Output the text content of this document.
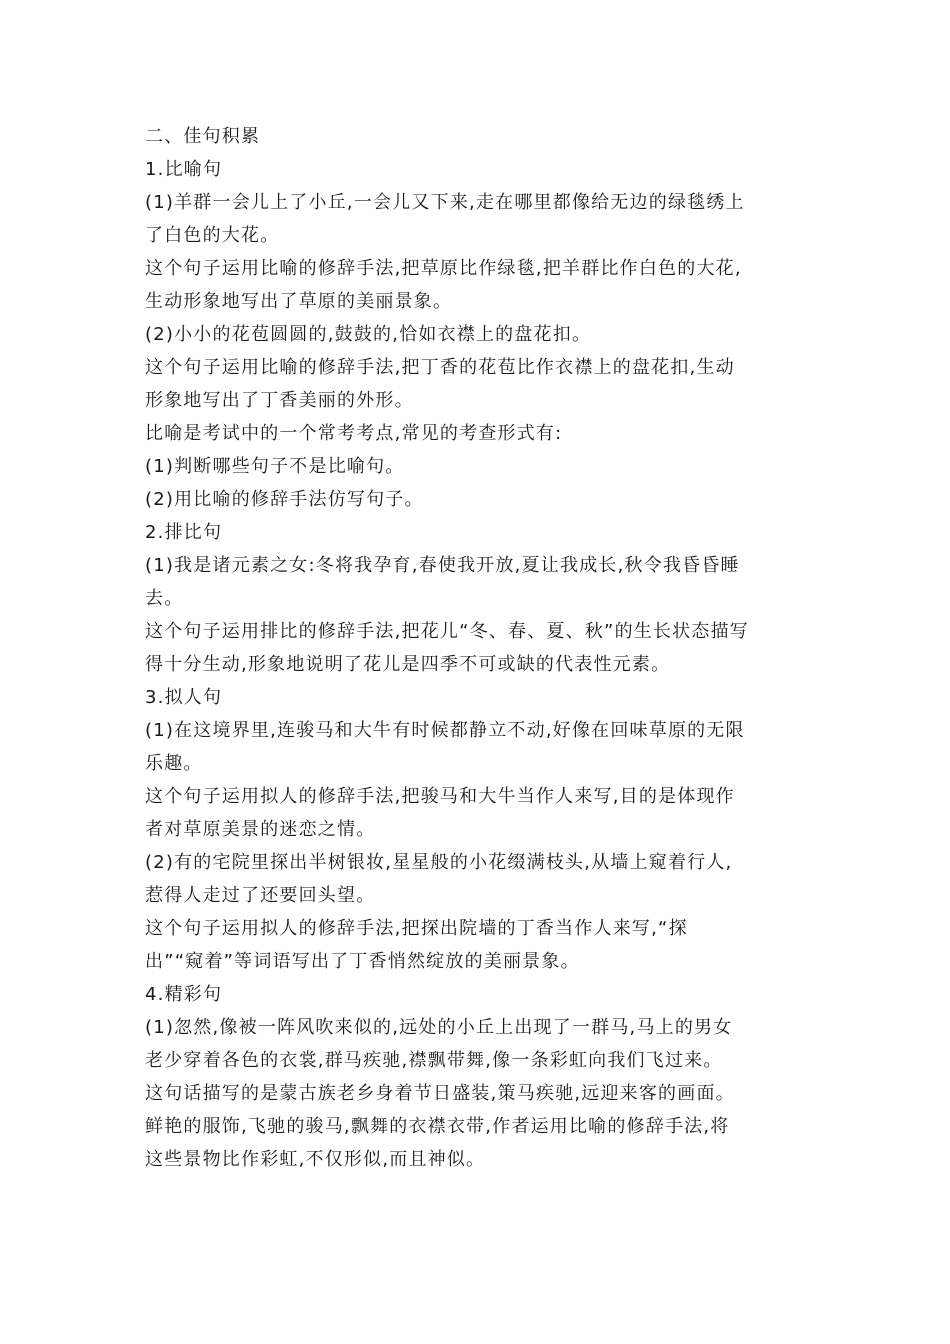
二、佳句积累
1.比喻句
(1)羊群一会儿上了小丘,一会儿又下来,走在哪里都像给无边的绿毯绣上
了白色的大花。
这个句子运用比喻的修辞手法,把草原比作绿毯,把羊群比作白色的大花,
生动形象地写出了草原的美丽景象。
(2)小小的花苞圆圆的,鼓鼓的,恰如衣襟上的盘花扣。
这个句子运用比喻的修辞手法,把丁香的花苞比作衣襟上的盘花扣,生动
形象地写出了丁香美丽的外形。
比喻是考试中的一个常考考点,常见的考查形式有:
(1)判断哪些句子不是比喻句。
(2)用比喻的修辞手法仿写句子。
2.排比句
(1)我是诸元素之女:冬将我孕育,春使我开放,夏让我成长,秋令我昏昏睡
去。
这个句子运用排比的修辞手法,把花儿“冬、春、夏、秋”的生长状态描写
得十分生动,形象地说明了花儿是四季不可或缺的代表性元素。
3.拟人句
(1)在这境界里,连骏马和大牛有时候都静立不动,好像在回味草原的无限
乐趣。
这个句子运用拟人的修辞手法,把骏马和大牛当作人来写,目的是体现作
者对草原美景的迷恋之情。
(2)有的宅院里探出半树银妆,星星般的小花缀满枝头,从墙上窥着行人,
惹得人走过了还要回头望。
这个句子运用拟人的修辞手法,把探出院墙的丁香当作人来写,“探
出”“窥着”等词语写出了丁香悄然绽放的美丽景象。
4.精彩句
(1)忽然,像被一阵风吹来似的,远处的小丘上出现了一群马,马上的男女
老少穿着各色的衣裳,群马疾驰,襟飘带舞,像一条彩虹向我们飞过来。
这句话描写的是蒙古族老乡身着节日盛装,策马疾驰,远迎来客的画面。
鲜艳的服饰,飞驰的骏马,飘舞的衣襟衣带,作者运用比喻的修辞手法,将
这些景物比作彩虹,不仅形似,而且神似。
